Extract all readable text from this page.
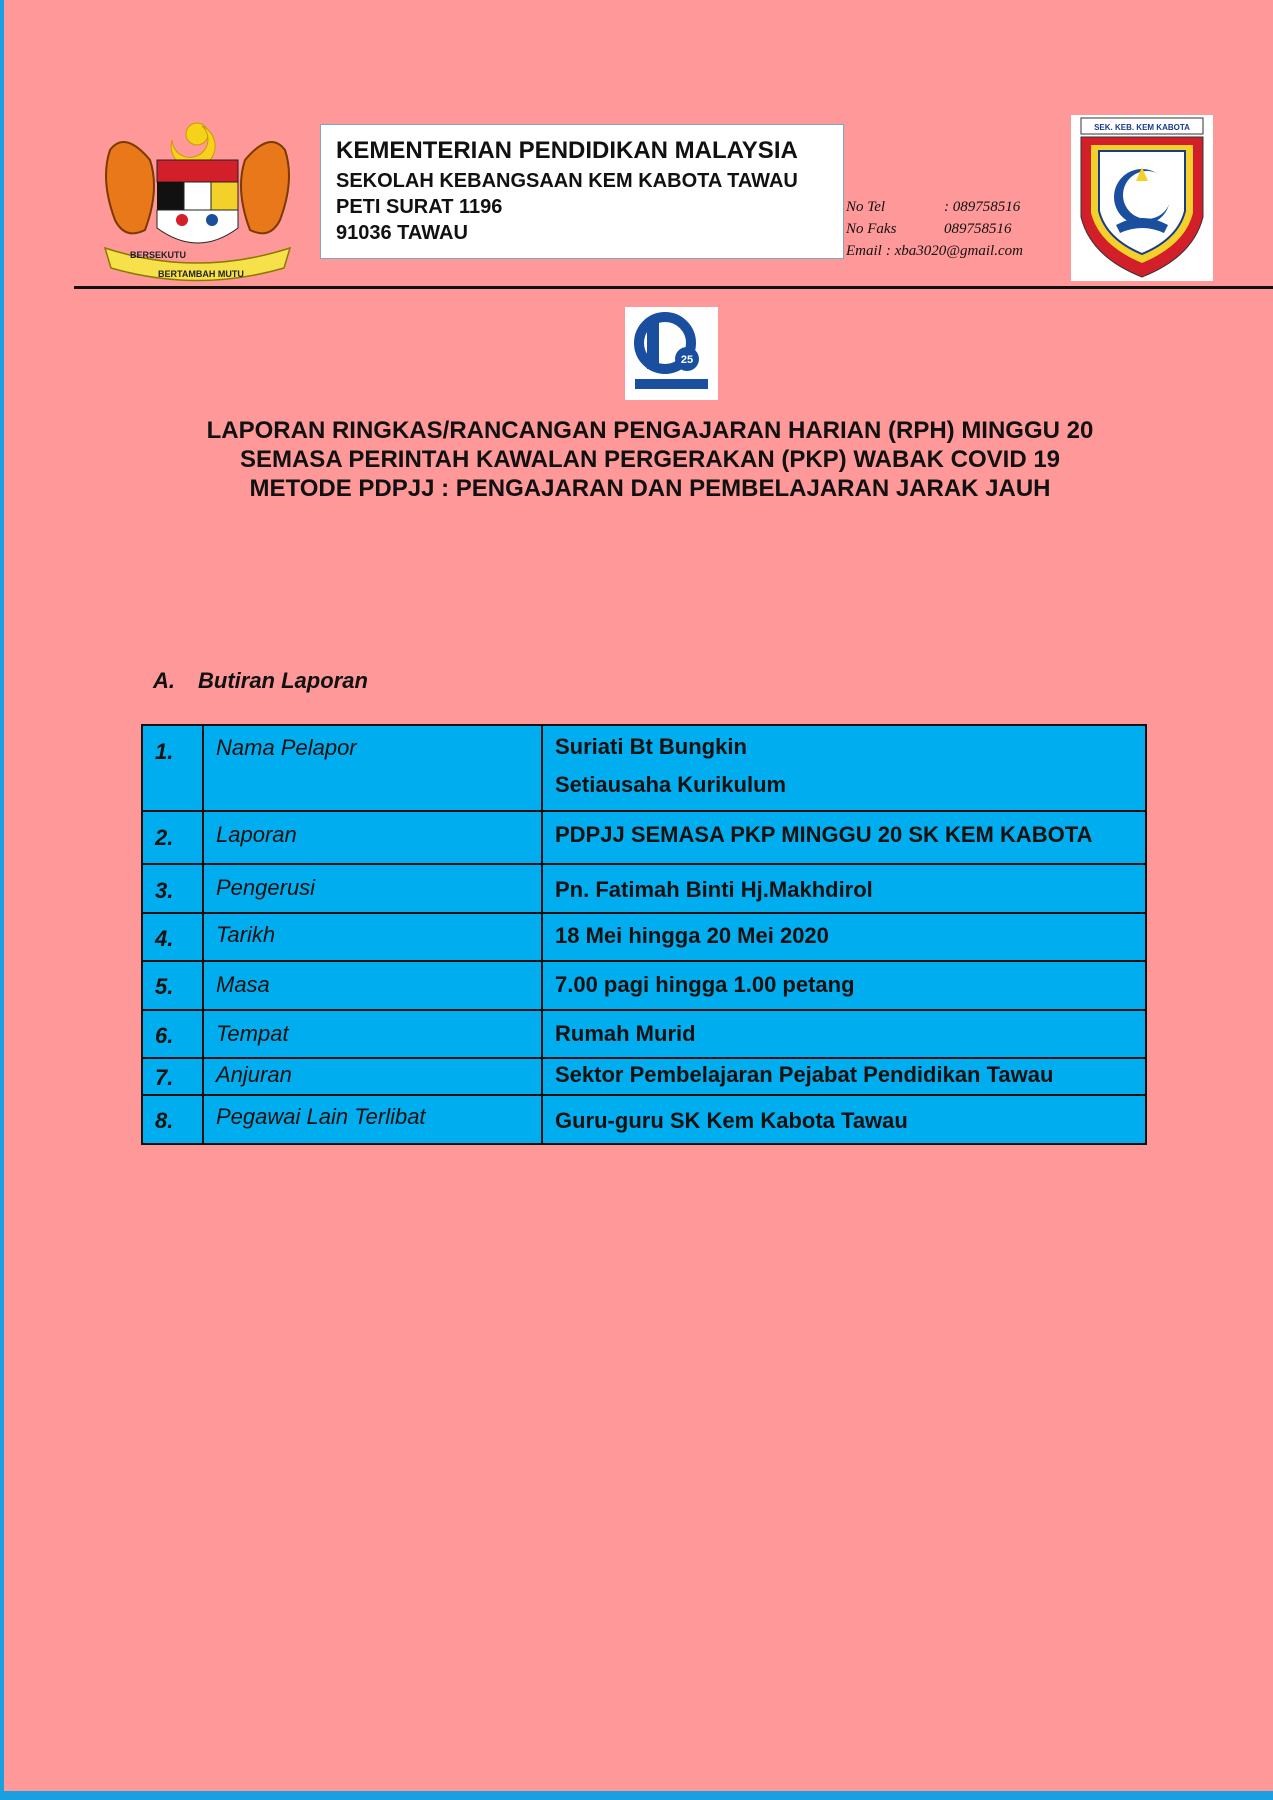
BERSEKUTU
BERTAMBAH MUTU
KEMENTERIAN PENDIDIKAN MALAYSIA
SEKOLAH KEBANGSAAN KEM KABOTA TAWAU
PETI SURAT 1196
91036 TAWAU
No Tel	: 089758516
No Faks	089758516
Email : xba3020@gmail.com
SEK. KEB. KEM KABOTA
25
LAPORAN RINGKAS/RANCANGAN PENGAJARAN HARIAN (RPH) MINGGU 20
SEMASA PERINTAH KAWALAN PERGERAKAN (PKP) WABAK COVID 19
METODE PDPJJ : PENGAJARAN DAN PEMBELAJARAN JARAK JAUH
A. Butiran Laporan
1.	Nama Pelapor	Suriati Bt Bungkin
Setiausaha Kurikulum

2.	Laporan	PDPJJ SEMASA PKP MINGGU 20 SK KEM KABOTA

3.	Pengerusi	Pn. Fatimah Binti Hj.Makhdirol

4.	Tarikh	18 Mei hingga 20 Mei 2020

5.	Masa	7.00 pagi hingga 1.00 petang

6.	Tempat	Rumah Murid

7.	Anjuran	Sektor Pembelajaran Pejabat Pendidikan Tawau

8.	Pegawai Lain Terlibat	Guru-guru SK Kem Kabota Tawau
